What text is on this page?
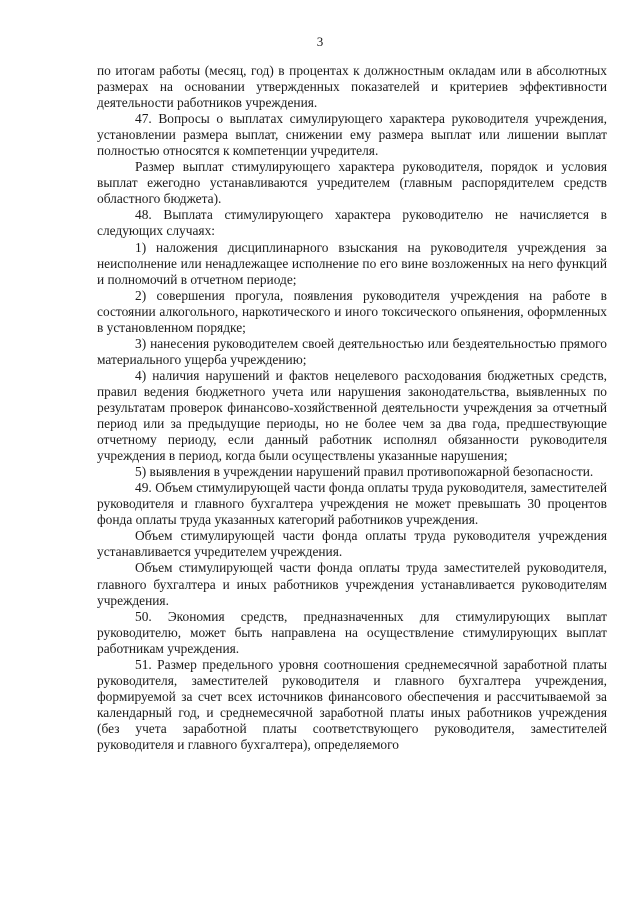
3

по итогам работы (месяц, год) в процентах к должностным окладам или в абсолютных размерах на основании утвержденных показателей и критериев эффективности деятельности работников учреждения.

47. Вопросы о выплатах симулирующего характера руководителя учреждения, установлении размера выплат, снижении ему размера выплат или лишении выплат полностью относятся к компетенции учредителя.

Размер выплат стимулирующего характера руководителя, порядок и условия выплат ежегодно устанавливаются учредителем (главным распорядителем средств областного бюджета).

48. Выплата стимулирующего характера руководителю не начисляется в следующих случаях:

1) наложения дисциплинарного взыскания на руководителя учреждения за неисполнение или ненадлежащее исполнение по его вине возложенных на него функций и полномочий в отчетном периоде;

2) совершения прогула, появления руководителя учреждения на работе в состоянии алкогольного, наркотического и иного токсического опьянения, оформленных в установленном порядке;

3) нанесения руководителем своей деятельностью или бездеятельностью прямого материального ущерба учреждению;

4) наличия нарушений и фактов нецелевого расходования бюджетных средств, правил ведения бюджетного учета или нарушения законодательства, выявленных по результатам проверок финансово-хозяйственной деятельности учреждения за отчетный период или за предыдущие периоды, но не более чем за два года, предшествующие отчетному периоду, если данный работник исполнял обязанности руководителя учреждения в период, когда были осуществлены указанные нарушения;

5) выявления в учреждении нарушений правил противопожарной безопасности.

49. Объем стимулирующей части фонда оплаты труда руководителя, заместителей руководителя и главного бухгалтера учреждения не может превышать 30 процентов фонда оплаты труда указанных категорий работников учреждения.

Объем стимулирующей части фонда оплаты труда руководителя учреждения устанавливается учредителем учреждения.

Объем стимулирующей части фонда оплаты труда заместителей руководителя, главного бухгалтера и иных работников учреждения устанавливается руководителям учреждения.

50. Экономия средств, предназначенных для стимулирующих выплат руководителю, может быть направлена на осуществление стимулирующих выплат работникам учреждения.

51. Размер предельного уровня соотношения среднемесячной заработной платы руководителя, заместителей руководителя и главного бухгалтера учреждения, формируемой за счет всех источников финансового обеспечения и рассчитываемой за календарный год, и среднемесячной заработной платы иных работников учреждения (без учета заработной платы соответствующего руководителя, заместителей руководителя и главного бухгалтера), определяемого
